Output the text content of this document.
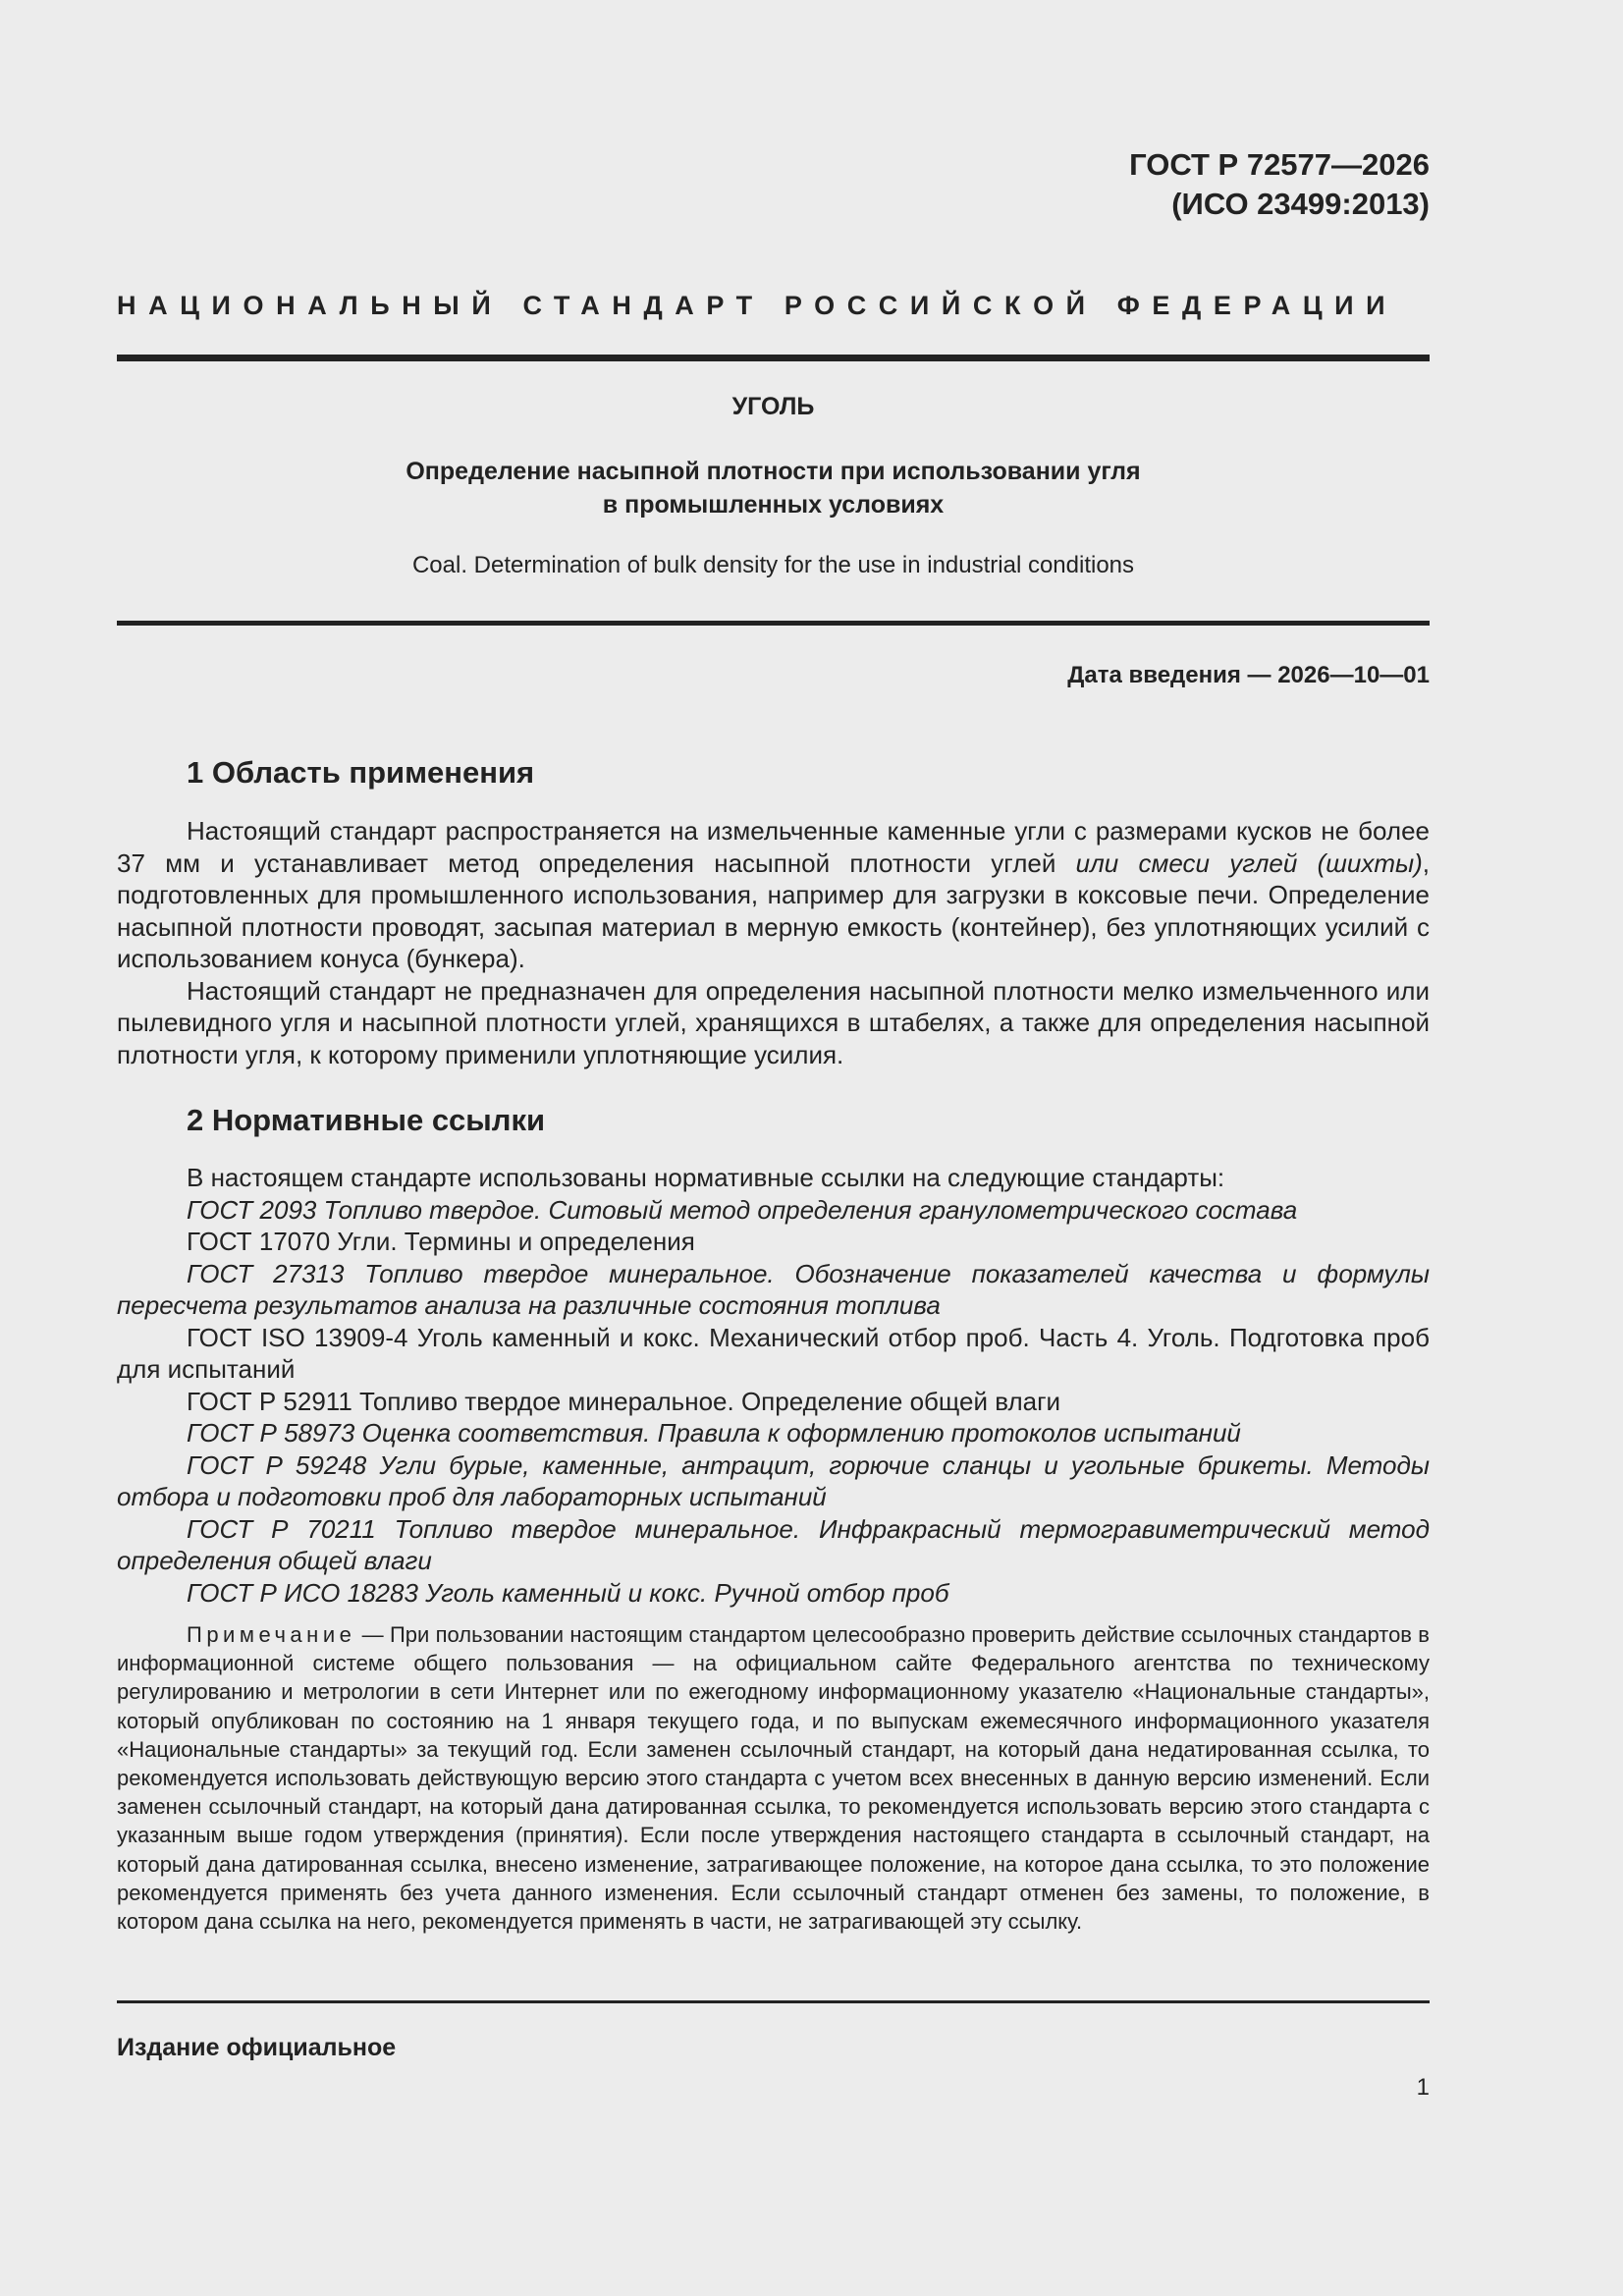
ГОСТ Р 72577—2026
(ИСО 23499:2013)
НАЦИОНАЛЬНЫЙ СТАНДАРТ РОССИЙСКОЙ ФЕДЕРАЦИИ
УГОЛЬ
Определение насыпной плотности при использовании угля
в промышленных условиях
Coal. Determination of bulk density for the use in industrial conditions
Дата введения — 2026—10—01
1 Область применения

Настоящий стандарт распространяется на измельченные каменные угли с размерами кусков не более 37 мм и устанавливает метод определения насыпной плотности углей или смеси углей (шихты), подготовленных для промышленного использования, например для загрузки в коксовые печи. Определение насыпной плотности проводят, засыпая материал в мерную емкость (контейнер), без уплотняющих усилий с использованием конуса (бункера).

Настоящий стандарт не предназначен для определения насыпной плотности мелко измельченного или пылевидного угля и насыпной плотности углей, хранящихся в штабелях, а также для определения насыпной плотности угля, к которому применили уплотняющие усилия.

2 Нормативные ссылки

В настоящем стандарте использованы нормативные ссылки на следующие стандарты:

ГОСТ 2093 Топливо твердое. Ситовый метод определения гранулометрического состава

ГОСТ 17070 Угли. Термины и определения

ГОСТ 27313 Топливо твердое минеральное. Обозначение показателей качества и формулы пересчета результатов анализа на различные состояния топлива

ГОСТ ISO 13909-4 Уголь каменный и кокс. Механический отбор проб. Часть 4. Уголь. Подготовка проб для испытаний

ГОСТ Р 52911 Топливо твердое минеральное. Определение общей влаги

ГОСТ Р 58973 Оценка соответствия. Правила к оформлению протоколов испытаний

ГОСТ Р 59248 Угли бурые, каменные, антрацит, горючие сланцы и угольные брикеты. Методы отбора и подготовки проб для лабораторных испытаний

ГОСТ Р 70211 Топливо твердое минеральное. Инфракрасный термогравиметрический метод определения общей влаги

ГОСТ Р ИСО 18283 Уголь каменный и кокс. Ручной отбор проб

Примечание — При пользовании настоящим стандартом целесообразно проверить действие ссылочных стандартов в информационной системе общего пользования — на официальном сайте Федерального агентства по техническому регулированию и метрологии в сети Интернет или по ежегодному информационному указателю «Национальные стандарты», который опубликован по состоянию на 1 января текущего года, и по выпускам ежемесячного информационного указателя «Национальные стандарты» за текущий год. Если заменен ссылочный стандарт, на который дана недатированная ссылка, то рекомендуется использовать действующую версию этого стандарта с учетом всех внесенных в данную версию изменений. Если заменен ссылочный стандарт, на который дана датированная ссылка, то рекомендуется использовать версию этого стандарта с указанным выше годом утверждения (принятия). Если после утверждения настоящего стандарта в ссылочный стандарт, на который дана датированная ссылка, внесено изменение, затрагивающее положение, на которое дана ссылка, то это положение рекомендуется применять без учета данного изменения. Если ссылочный стандарт отменен без замены, то положение, в котором дана ссылка на него, рекомендуется применять в части, не затрагивающей эту ссылку.
Издание официальное
1
